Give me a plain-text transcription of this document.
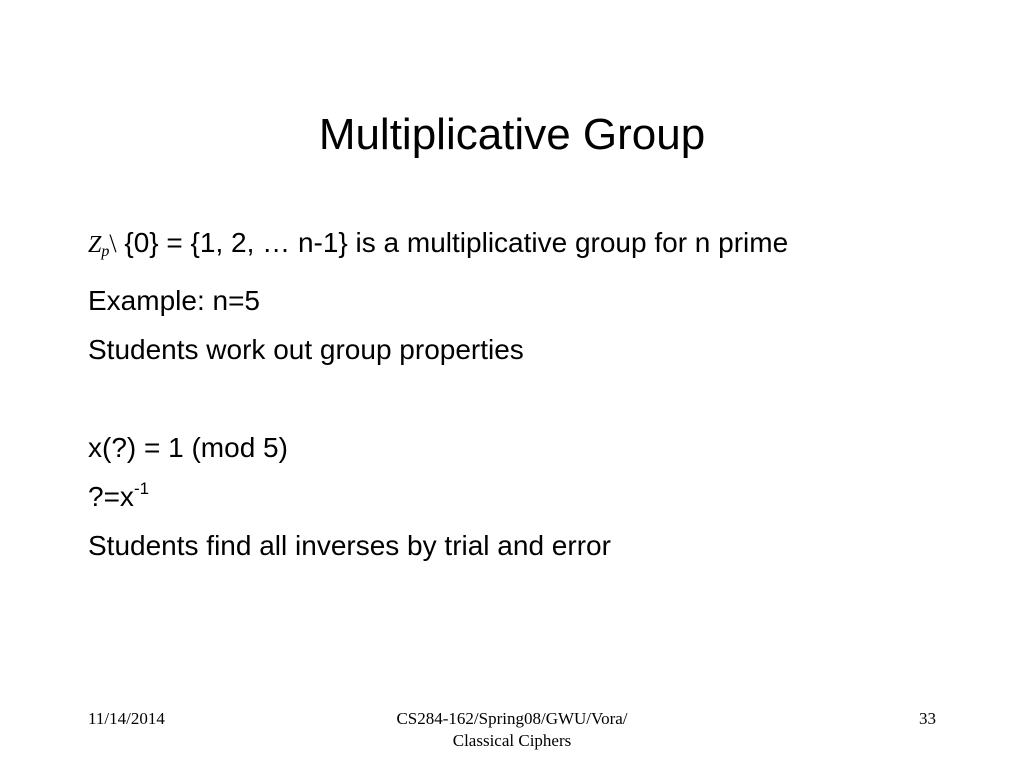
Multiplicative Group
$Z_p\backslash$ {0} = {1, 2, … n-1} is a multiplicative group for n prime
Example: n=5
Students work out group properties
x(?) = 1 (mod 5)
$?=x^{-1}$
Students find all inverses by trial and error
11/14/2014	CS284-162/Spring08/GWU/Vora/
Classical Ciphers
33
